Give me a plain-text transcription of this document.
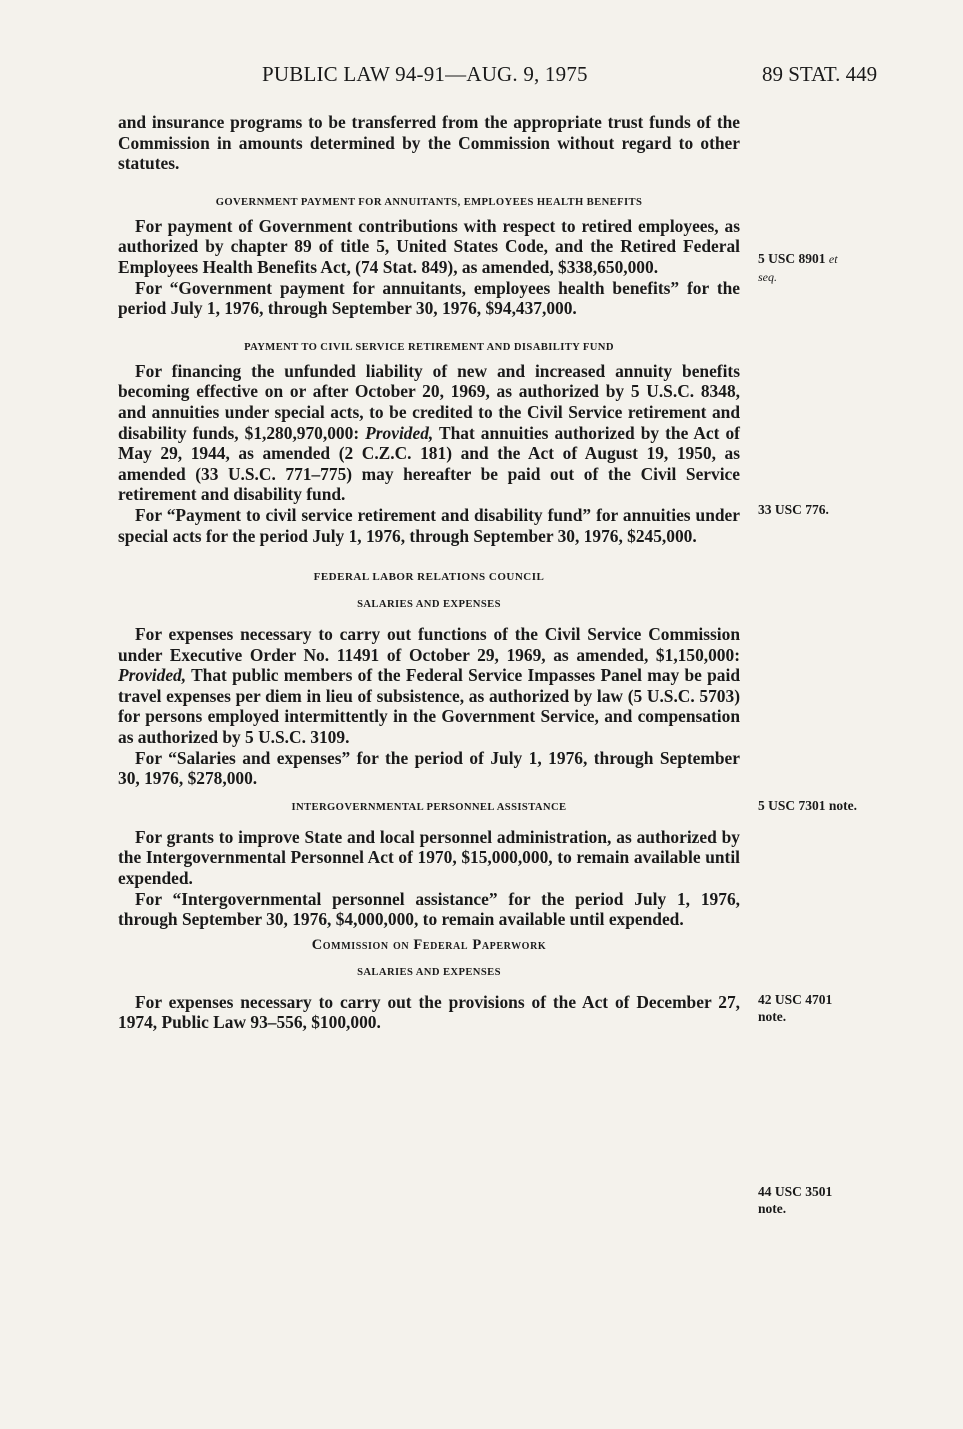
PUBLIC LAW 94-91—AUG. 9, 1975	89 STAT. 449

and insurance programs to be transferred from the appropriate trust funds of the Commission in amounts determined by the Commission without regard to other statutes.

GOVERNMENT PAYMENT FOR ANNUITANTS, EMPLOYEES HEALTH BENEFITS

For payment of Government contributions with respect to retired employees, as authorized by chapter 89 of title 5, United States Code, and the Retired Federal Employees Health Benefits Act, (74 Stat. 849), as amended, $338,650,000.

For “Government payment for annuitants, employees health benefits” for the period July 1, 1976, through September 30, 1976, $94,437,000.

PAYMENT TO CIVIL SERVICE RETIREMENT AND DISABILITY FUND

For financing the unfunded liability of new and increased annuity benefits becoming effective on or after October 20, 1969, as authorized by 5 U.S.C. 8348, and annuities under special acts, to be credited to the Civil Service retirement and disability funds, $1,280,970,000: Provided, That annuities authorized by the Act of May 29, 1944, as amended (2 C.Z.C. 181) and the Act of August 19, 1950, as amended (33 U.S.C. 771–775) may hereafter be paid out of the Civil Service retirement and disability fund.

For “Payment to civil service retirement and disability fund” for annuities under special acts for the period July 1, 1976, through September 30, 1976, $245,000.

FEDERAL LABOR RELATIONS COUNCIL
SALARIES AND EXPENSES

For expenses necessary to carry out functions of the Civil Service Commission under Executive Order No. 11491 of October 29, 1969, as amended, $1,150,000: Provided, That public members of the Federal Service Impasses Panel may be paid travel expenses per diem in lieu of subsistence, as authorized by law (5 U.S.C. 5703) for persons employed intermittently in the Government Service, and compensation as authorized by 5 U.S.C. 3109.

For “Salaries and expenses” for the period of July 1, 1976, through September 30, 1976, $278,000.

INTERGOVERNMENTAL PERSONNEL ASSISTANCE

For grants to improve State and local personnel administration, as authorized by the Intergovernmental Personnel Act of 1970, $15,000,000, to remain available until expended.

For “Intergovernmental personnel assistance” for the period July 1, 1976, through September 30, 1976, $4,000,000, to remain available until expended.

Commission on Federal Paperwork
SALARIES AND EXPENSES

For expenses necessary to carry out the provisions of the Act of December 27, 1974, Public Law 93–556, $100,000.

5 USC 8901 et
seq.
33 USC 776.
5 USC 7301 note.
42 USC 4701
note.
44 USC 3501
note.
